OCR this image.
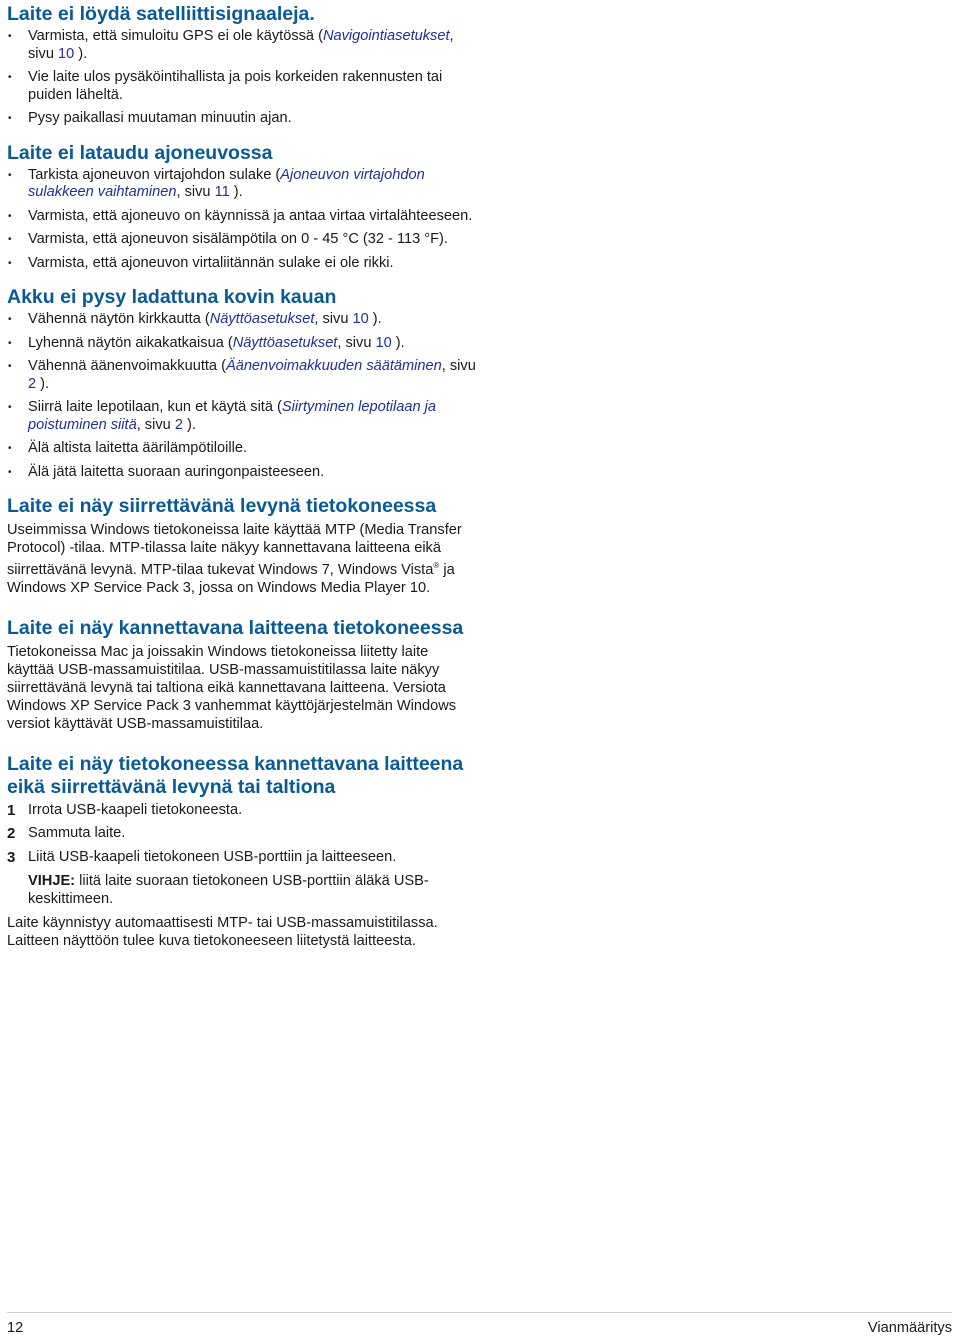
Laite ei löydä satelliittisignaaleja.
• Varmista, että simuloitu GPS ei ole käytössä (Navigointiasetukset, sivu 10 ).
• Vie laite ulos pysäköintihallista ja pois korkeiden rakennusten tai puiden läheltä.
• Pysy paikallasi muutaman minuutin ajan.
Laite ei lataudu ajoneuvossa
• Tarkista ajoneuvon virtajohdon sulake (Ajoneuvon virtajohdon sulakkeen vaihtaminen, sivu 11 ).
• Varmista, että ajoneuvo on käynnissä ja antaa virtaa virtalähteeseen.
• Varmista, että ajoneuvon sisälämpötila on 0 - 45 °C (32 - 113 °F).
• Varmista, että ajoneuvon virtaliitännän sulake ei ole rikki.
Akku ei pysy ladattuna kovin kauan
• Vähennä näytön kirkkautta (Näyttöasetukset, sivu 10 ).
• Lyhennä näytön aikakatkaisua (Näyttöasetukset, sivu 10 ).
• Vähennä äänenvoimakkuutta (Äänenvoimakkuuden säätäminen, sivu 2 ).
• Siirrä laite lepotilaan, kun et käytä sitä (Siirtyminen lepotilaan ja poistuminen siitä, sivu 2 ).
• Älä altista laitetta äärilämpötiloille.
• Älä jätä laitetta suoraan auringonpaisteeseen.
Laite ei näy siirrettävänä levynä tietokoneessa

Useimmissa Windows tietokoneissa laite käyttää MTP (Media Transfer Protocol) -tilaa. MTP-tilassa laite näkyy kannettavana laitteena eikä siirrettävänä levynä. MTP-tilaa tukevat Windows 7, Windows Vista® ja Windows XP Service Pack 3, jossa on Windows Media Player 10.

Laite ei näy kannettavana laitteena tietokoneessa

Tietokoneissa Mac ja joissakin Windows tietokoneissa liitetty laite käyttää USB-massamuistitilaa. USB-massamuistitilassa laite näkyy siirrettävänä levynä tai taltiona eikä kannettavana laitteena. Versiota Windows XP Service Pack 3 vanhemmat käyttöjärjestelmän Windows versiot käyttävät USB-massamuistitilaa.

Laite ei näy tietokoneessa kannettavana laitteena eikä siirrettävänä levynä tai taltiona
1 Irrota USB-kaapeli tietokoneesta.
2 Sammuta laite.
3 Liitä USB-kaapeli tietokoneen USB-porttiin ja laitteeseen.
VIHJE: liitä laite suoraan tietokoneen USB-porttiin äläkä USB-keskittimeen.

Laite käynnistyy automaattisesti MTP- tai USB-massamuistitilassa. Laitteen näyttöön tulee kuva tietokoneeseen liitetystä laitteesta.

12	Vianmääritys
